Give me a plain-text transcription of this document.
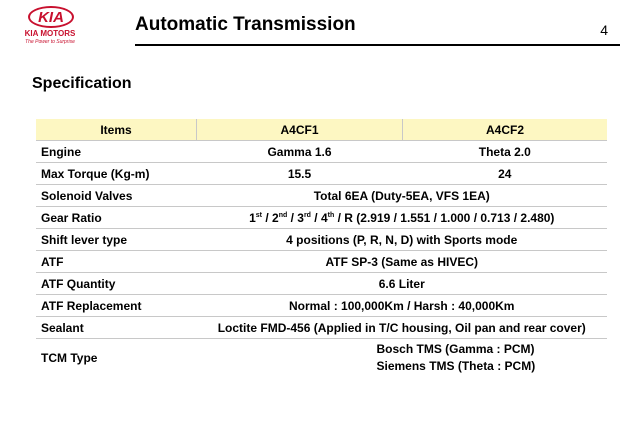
KIA
KIA MOTORS
The Power to Surprise
Automatic Transmission	4
Specification
Items	A4CF1	A4CF2
Engine	Gamma 1.6	Theta 2.0
Max Torque (Kg-m)	15.5	24
Solenoid Valves	Total 6EA (Duty-5EA, VFS 1EA)	
Gear Ratio	1st / 2nd / 3rd / 4th / R (2.919 / 1.551 / 1.000 / 0.713 / 2.480)	
Shift lever type	4 positions (P, R, N, D) with Sports mode	
ATF	ATF SP-3 (Same as HIVEC)	
ATF Quantity	6.6 Liter	
ATF Replacement	Normal : 100,000Km / Harsh : 40,000Km	
Sealant	Loctite FMD-456 (Applied in T/C housing, Oil pan and rear cover)	
TCM Type	Bosch TMS (Gamma : PCM)
Siemens TMS (Theta : PCM)	
